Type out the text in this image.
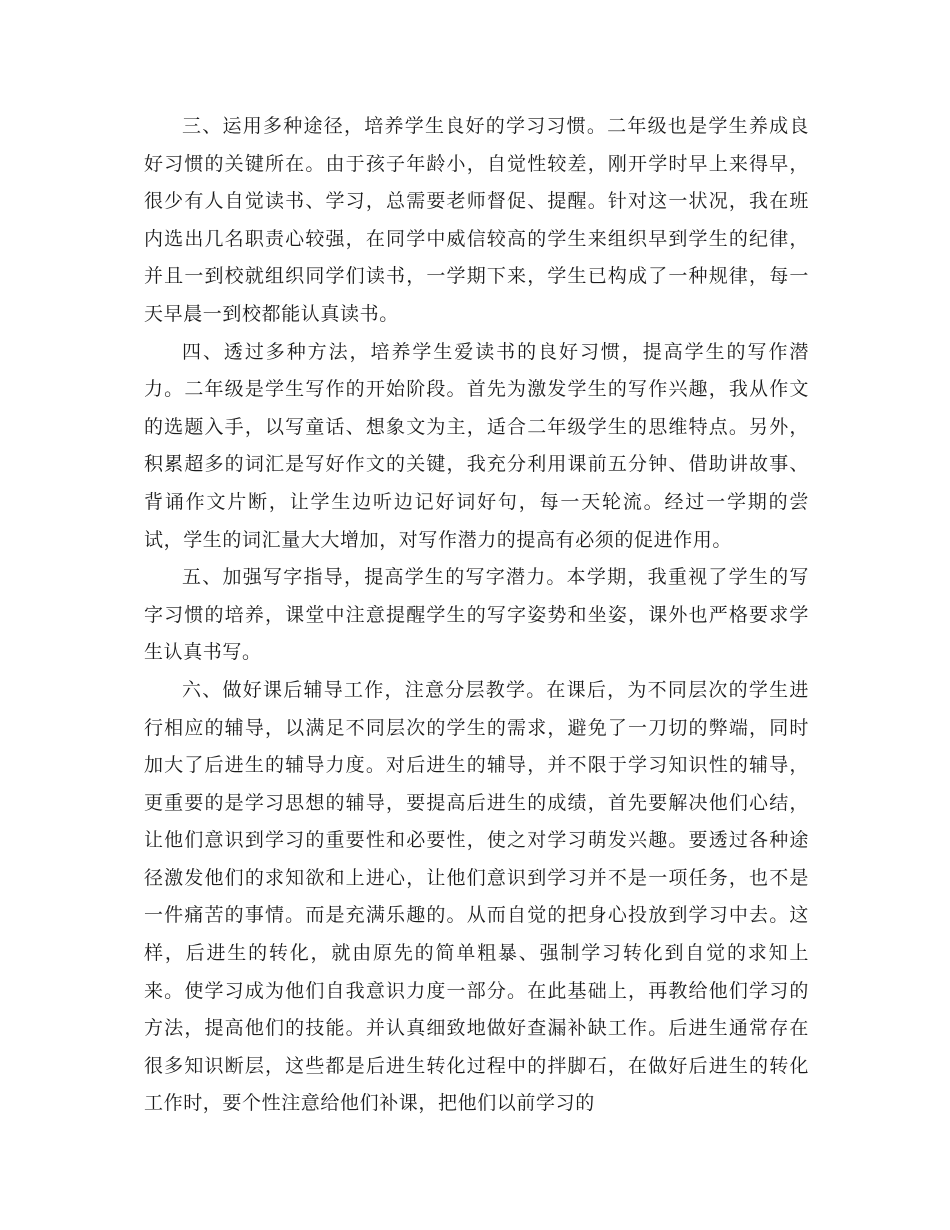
三、运用多种途径，培养学生良好的学习习惯。二年级也是学生养成良好习惯的关键所在。由于孩子年龄小，自觉性较差，刚开学时早上来得早，很少有人自觉读书、学习，总需要老师督促、提醒。针对这一状况，我在班内选出几名职责心较强，在同学中威信较高的学生来组织早到学生的纪律，并且一到校就组织同学们读书，一学期下来，学生已构成了一种规律，每一天早晨一到校都能认真读书。

四、透过多种方法，培养学生爱读书的良好习惯，提高学生的写作潜力。二年级是学生写作的开始阶段。首先为激发学生的写作兴趣，我从作文的选题入手，以写童话、想象文为主，适合二年级学生的思维特点。另外，积累超多的词汇是写好作文的关键，我充分利用课前五分钟、借助讲故事、背诵作文片断，让学生边听边记好词好句，每一天轮流。经过一学期的尝试，学生的词汇量大大增加，对写作潜力的提高有必须的促进作用。

五、加强写字指导，提高学生的写字潜力。本学期，我重视了学生的写字习惯的培养，课堂中注意提醒学生的写字姿势和坐姿，课外也严格要求学生认真书写。

六、做好课后辅导工作，注意分层教学。在课后，为不同层次的学生进行相应的辅导，以满足不同层次的学生的需求，避免了一刀切的弊端，同时加大了后进生的辅导力度。对后进生的辅导，并不限于学习知识性的辅导，更重要的是学习思想的辅导，要提高后进生的成绩，首先要解决他们心结，让他们意识到学习的重要性和必要性，使之对学习萌发兴趣。要透过各种途径激发他们的求知欲和上进心，让他们意识到学习并不是一项任务，也不是一件痛苦的事情。而是充满乐趣的。从而自觉的把身心投放到学习中去。这样，后进生的转化，就由原先的简单粗暴、强制学习转化到自觉的求知上来。使学习成为他们自我意识力度一部分。在此基础上，再教给他们学习的方法，提高他们的技能。并认真细致地做好查漏补缺工作。后进生通常存在很多知识断层，这些都是后进生转化过程中的拌脚石，在做好后进生的转化工作时，要个性注意给他们补课，把他们以前学习的
